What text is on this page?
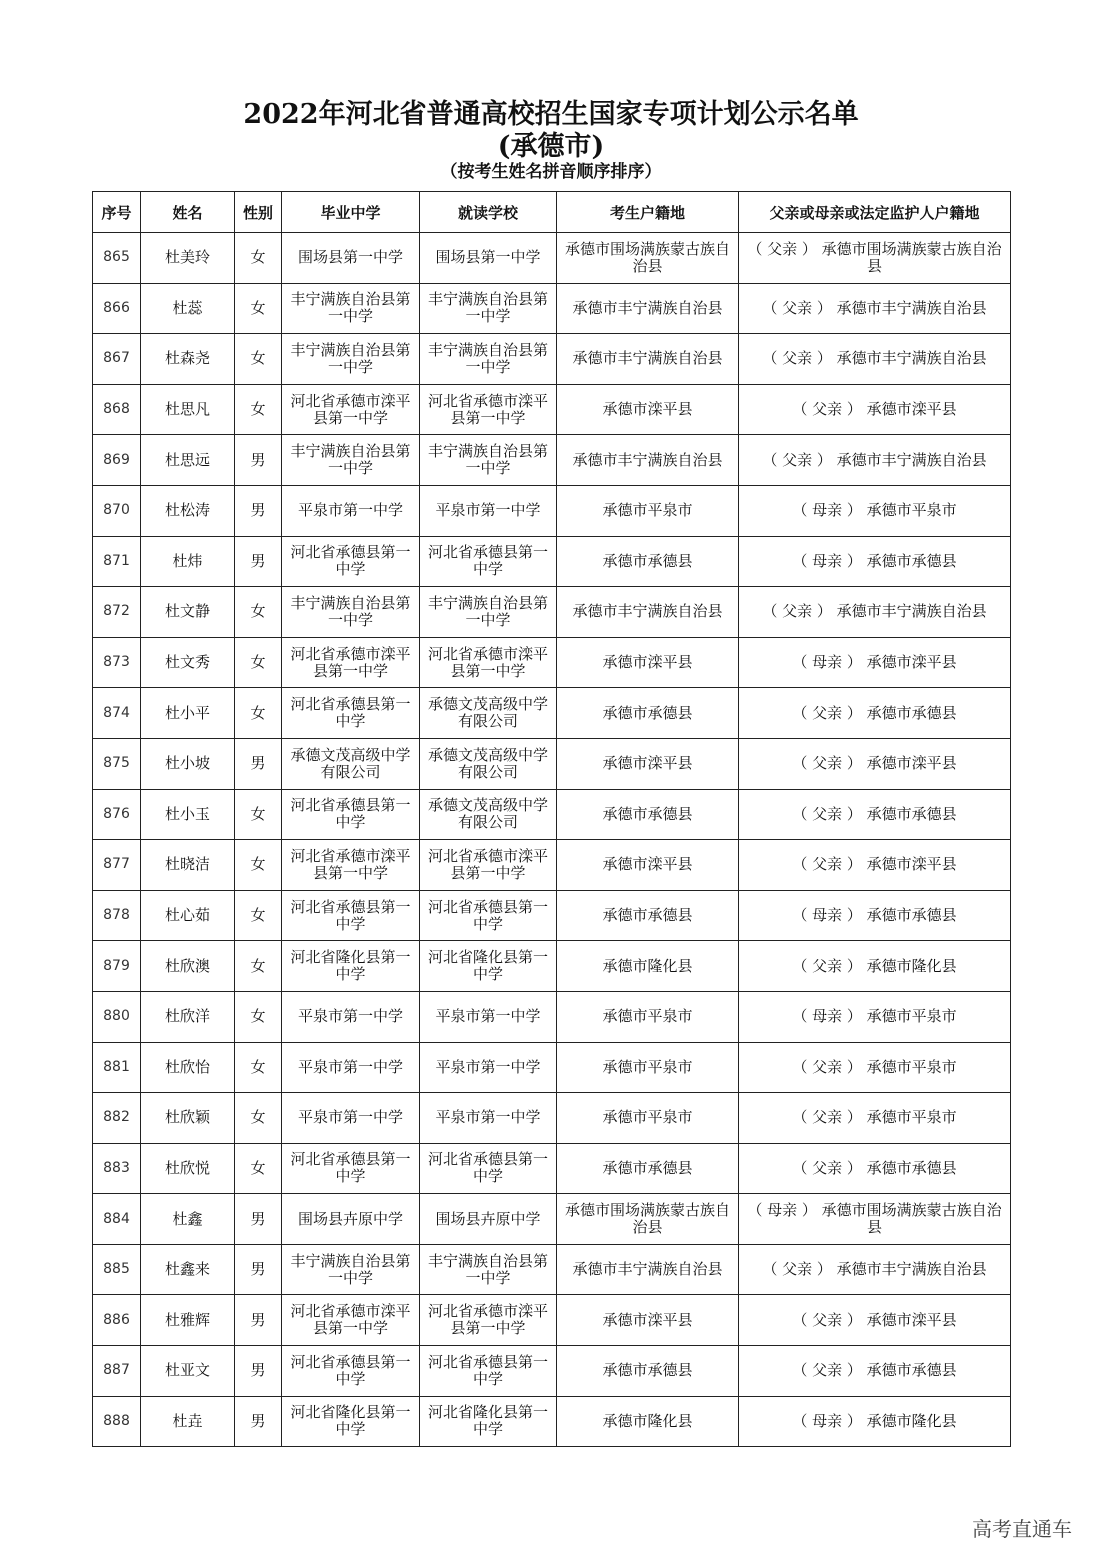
2022年河北省普通高校招生国家专项计划公示名单
(承德市)
（按考生姓名拼音顺序排序）
序号	姓名	性别	毕业中学	就读学校	考生户籍地	父亲或母亲或法定监护人户籍地
865	杜美玲	女	围场县第一中学	围场县第一中学	承德市围场满族蒙古族自治县	（ 父亲 ） 承德市围场满族蒙古族自治县
866	杜蕊	女	丰宁满族自治县第一中学	丰宁满族自治县第一中学	承德市丰宁满族自治县	（ 父亲 ） 承德市丰宁满族自治县
867	杜森尧	女	丰宁满族自治县第一中学	丰宁满族自治县第一中学	承德市丰宁满族自治县	（ 父亲 ） 承德市丰宁满族自治县
868	杜思凡	女	河北省承德市滦平县第一中学	河北省承德市滦平县第一中学	承德市滦平县	（ 父亲 ） 承德市滦平县
869	杜思远	男	丰宁满族自治县第一中学	丰宁满族自治县第一中学	承德市丰宁满族自治县	（ 父亲 ） 承德市丰宁满族自治县
870	杜松涛	男	平泉市第一中学	平泉市第一中学	承德市平泉市	（ 母亲 ） 承德市平泉市
871	杜炜	男	河北省承德县第一中学	河北省承德县第一中学	承德市承德县	（ 母亲 ） 承德市承德县
872	杜文静	女	丰宁满族自治县第一中学	丰宁满族自治县第一中学	承德市丰宁满族自治县	（ 父亲 ） 承德市丰宁满族自治县
873	杜文秀	女	河北省承德市滦平县第一中学	河北省承德市滦平县第一中学	承德市滦平县	（ 母亲 ） 承德市滦平县
874	杜小平	女	河北省承德县第一中学	承德文茂高级中学有限公司	承德市承德县	（ 父亲 ） 承德市承德县
875	杜小坡	男	承德文茂高级中学有限公司	承德文茂高级中学有限公司	承德市滦平县	（ 父亲 ） 承德市滦平县
876	杜小玉	女	河北省承德县第一中学	承德文茂高级中学有限公司	承德市承德县	（ 父亲 ） 承德市承德县
877	杜晓洁	女	河北省承德市滦平县第一中学	河北省承德市滦平县第一中学	承德市滦平县	（ 父亲 ） 承德市滦平县
878	杜心茹	女	河北省承德县第一中学	河北省承德县第一中学	承德市承德县	（ 母亲 ） 承德市承德县
879	杜欣澳	女	河北省隆化县第一中学	河北省隆化县第一中学	承德市隆化县	（ 父亲 ） 承德市隆化县
880	杜欣洋	女	平泉市第一中学	平泉市第一中学	承德市平泉市	（ 母亲 ） 承德市平泉市
881	杜欣怡	女	平泉市第一中学	平泉市第一中学	承德市平泉市	（ 父亲 ） 承德市平泉市
882	杜欣颖	女	平泉市第一中学	平泉市第一中学	承德市平泉市	（ 父亲 ） 承德市平泉市
883	杜欣悦	女	河北省承德县第一中学	河北省承德县第一中学	承德市承德县	（ 父亲 ） 承德市承德县
884	杜鑫	男	围场县卉原中学	围场县卉原中学	承德市围场满族蒙古族自治县	（ 母亲 ） 承德市围场满族蒙古族自治县
885	杜鑫来	男	丰宁满族自治县第一中学	丰宁满族自治县第一中学	承德市丰宁满族自治县	（ 父亲 ） 承德市丰宁满族自治县
886	杜雅辉	男	河北省承德市滦平县第一中学	河北省承德市滦平县第一中学	承德市滦平县	（ 父亲 ） 承德市滦平县
887	杜亚文	男	河北省承德县第一中学	河北省承德县第一中学	承德市承德县	（ 父亲 ） 承德市承德县
888	杜垚	男	河北省隆化县第一中学	河北省隆化县第一中学	承德市隆化县	（ 母亲 ） 承德市隆化县
高考直通车
